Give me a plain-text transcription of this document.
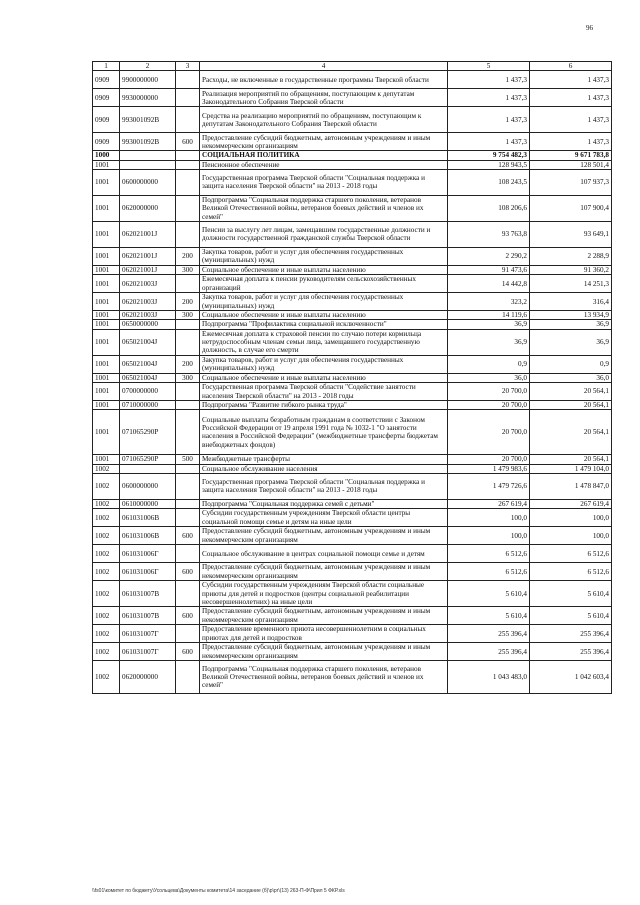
96
1	2	3	4	5	6
0909	9900000000		Расходы, не включенные в государственные программы Тверской области	1 437,3	1 437,3
0909	9930000000		Реализация мероприятий по обращениям, поступающим к депутатам Законодательного Собрания Тверской области	1 437,3	1 437,3
0909	993001092В		Средства на реализацию мероприятий по обращениям, поступающим к депутатам Законодательного Собрания Тверской области	1 437,3	1 437,3
0909	993001092В	600	Предоставление субсидий бюджетным, автономным учреждениям и иным некоммерческим организациям	1 437,3	1 437,3
1000			СОЦИАЛЬНАЯ ПОЛИТИКА	9 754 482,3	9 671 783,8
1001			Пенсионное обеспечение	128 943,5	128 501,4
1001	0600000000		Государственная программа Тверской области "Социальная поддержка и защита населения Тверской области" на 2013 - 2018 годы	108 243,5	107 937,3
1001	0620000000		Подпрограмма "Социальная поддержка старшего поколения, ветеранов Великой Отечественной войны, ветеранов боевых действий и членов их семей"	108 206,6	107 900,4
1001	062021001J		Пенсии за выслугу лет лицам, замещавшим государственные должности и должности государственной гражданской службы Тверской области	93 763,8	93 649,1
1001	062021001J	200	Закупка товаров, работ и услуг для обеспечения государственных (муниципальных) нужд	2 290,2	2 288,9
1001	062021001J	300	Социальное обеспечение и иные выплаты населению	91 473,6	91 360,2
1001	062021003J		Ежемесячная доплата к пенсии руководителям сельскохозяйственных организаций	14 442,8	14 251,3
1001	062021003J	200	Закупка товаров, работ и услуг для обеспечения государственных (муниципальных) нужд	323,2	316,4
1001	062021003J	300	Социальное обеспечение и иные выплаты населению	14 119,6	13 934,9
1001	0650000000		Подпрограмма "Профилактика социальной исключенности"	36,9	36,9
1001	065021004J		Ежемесячная доплата к страховой пенсии по случаю потери кормильца нетрудоспособным членам семьи лица, замещавшего государственную должность, в случае его смерти	36,9	36,9
1001	065021004J	200	Закупка товаров, работ и услуг для обеспечения государственных (муниципальных) нужд	0,9	0,9
1001	065021004J	300	Социальное обеспечение и иные выплаты населению	36,0	36,0
1001	0700000000		Государственная программа Тверской области "Содействие занятости населения Тверской области" на 2013 - 2018 годы	20 700,0	20 564,1
1001	0710000000		Подпрограмма "Развитие гибкого рынка труда"	20 700,0	20 564,1
1001	071065290Р		Социальные выплаты безработным гражданам в соответствии с Законом Российской Федерации от 19 апреля 1991 года № 1032-1 "О занятости населения в Российской Федерации" (межбюджетные трансферты бюджетам внебюджетных фондов)	20 700,0	20 564,1
1001	071065290Р	500	Межбюджетные трансферты	20 700,0	20 564,1
1002			Социальное обслуживание населения	1 479 983,6	1 479 104,0
1002	0600000000		Государственная программа Тверской области "Социальная поддержка и защита населения Тверской области" на 2013 - 2018 годы	1 479 726,6	1 478 847,0
1002	0610000000		Подпрограмма "Социальная поддержка семей с детьми"	267 619,4	267 619,4
1002	061031006В		Субсидии государственным учреждениям Тверской области центры социальной помощи семье и детям на иные цели	100,0	100,0
1002	061031006В	600	Предоставление субсидий бюджетным, автономным учреждениям и иным некоммерческим организациям	100,0	100,0
1002	061031006Г		Социальное обслуживание в центрах социальной помощи семье и детям	6 512,6	6 512,6
1002	061031006Г	600	Предоставление субсидий бюджетным, автономным учреждениям и иным некоммерческим организациям	6 512,6	6 512,6
1002	061031007В		Субсидии государственным учреждениям Тверской области социальные приюты для детей и подростков (центры социальной реабилитации несовершеннолетних) на иные цели	5 610,4	5 610,4
1002	061031007В	600	Предоставление субсидий бюджетным, автономным учреждениям и иным некоммерческим организациям	5 610,4	5 610,4
1002	061031007Г		Предоставление временного приюта несовершеннолетним в социальных приютах для детей и подростков	255 396,4	255 396,4
1002	061031007Г	600	Предоставление субсидий бюджетным, автономным учреждениям и иным некоммерческим организациям	255 396,4	255 396,4
1002	0620000000		Подпрограмма "Социальная поддержка старшего поколения, ветеранов Великой Отечественной войны, ветеранов боевых действий и членов их семей"	1 043 483,0	1 042 603,4
\\fs01\комитет по бюджету\Усольцева\Документы комитета\14 заседание (б)\р\pr\(13) 263-П-Ф\Прил 5 ФКР.xls
